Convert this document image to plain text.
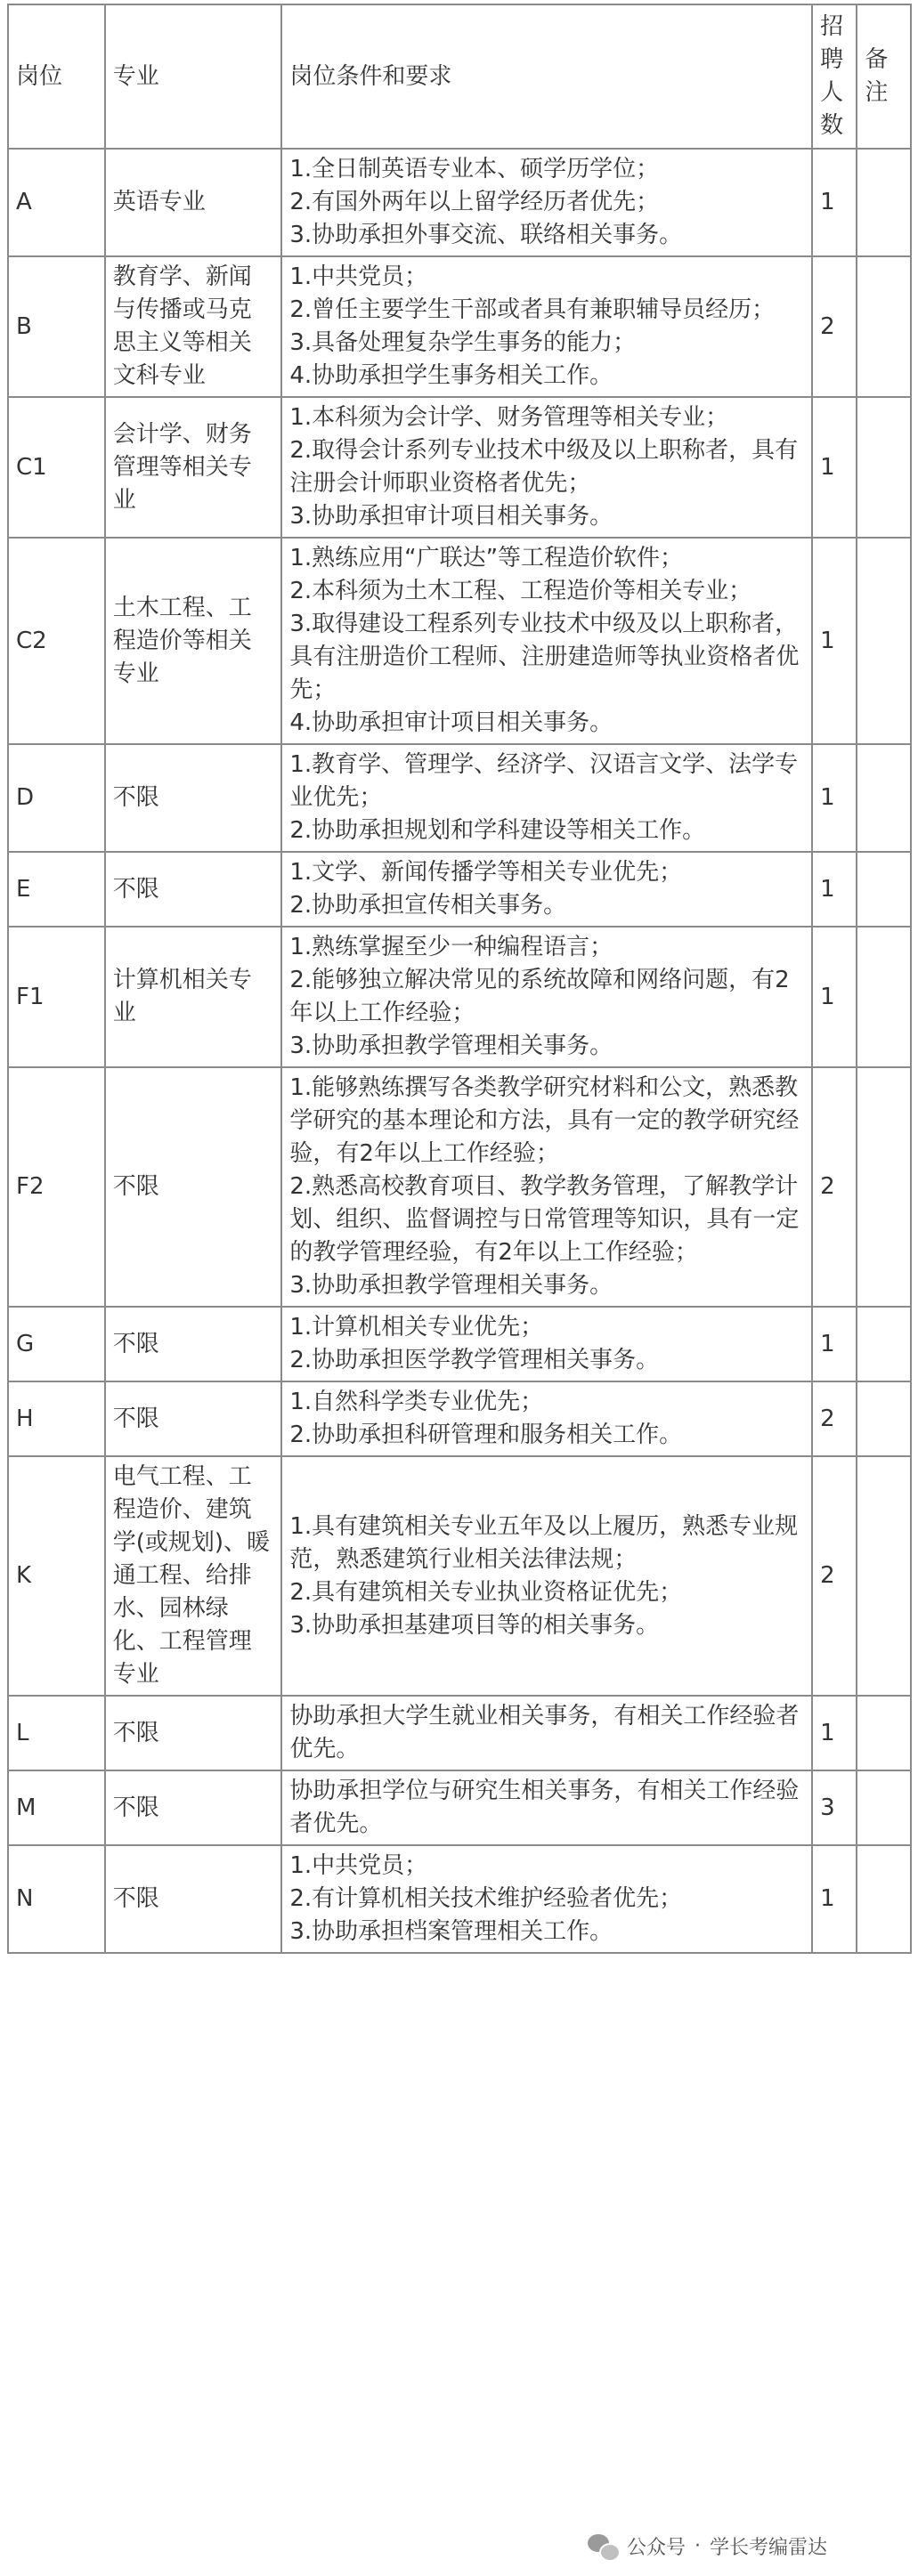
岗位	专业	岗位条件和要求	招聘人数	备注
A	英语专业	1.全日制英语专业本、硕学历学位；

2.有国外两年以上留学经历者优先；

3.协助承担外事交流、联络相关事务。	1	
B	教育学、新闻与传播或马克思主义等相关文科专业	1.中共党员；

2.曾任主要学生干部或者具有兼职辅导员经历；

3.具备处理复杂学生事务的能力；

4.协助承担学生事务相关工作。	2	
C1	会计学、财务管理等相关专业	1.本科须为会计学、财务管理等相关专业；

2.取得会计系列专业技术中级及以上职称者，具有注册会计师职业资格者优先；

3.协助承担审计项目相关事务。	1	
C2	土木工程、工程造价等相关专业	1.熟练应用“广联达”等工程造价软件；

2.本科须为土木工程、工程造价等相关专业；

3.取得建设工程系列专业技术中级及以上职称者，具有注册造价工程师、注册建造师等执业资格者优先；

4.协助承担审计项目相关事务。	1	
D	不限	1.教育学、管理学、经济学、汉语言文学、法学专业优先；

2.协助承担规划和学科建设等相关工作。	1	
E	不限	1.文学、新闻传播学等相关专业优先；

2.协助承担宣传相关事务。	1	
F1	计算机相关专业	1.熟练掌握至少一种编程语言；

2.能够独立解决常见的系统故障和网络问题，有2年以上工作经验；

3.协助承担教学管理相关事务。	1	
F2	不限	1.能够熟练撰写各类教学研究材料和公文，熟悉教学研究的基本理论和方法，具有一定的教学研究经验，有2年以上工作经验；

2.熟悉高校教育项目、教学教务管理，了解教学计划、组织、监督调控与日常管理等知识，具有一定的教学管理经验，有2年以上工作经验；

3.协助承担教学管理相关事务。	2	
G	不限	1.计算机相关专业优先；

2.协助承担医学教学管理相关事务。	1	
H	不限	1.自然科学类专业优先；

2.协助承担科研管理和服务相关工作。	2	
K	电气工程、工程造价、建筑学(或规划)、暖通工程、给排水、园林绿化、工程管理专业	1.具有建筑相关专业五年及以上履历，熟悉专业规范，熟悉建筑行业相关法律法规；

2.具有建筑相关专业执业资格证优先；

3.协助承担基建项目等的相关事务。	2	
L	不限	协助承担大学生就业相关事务，有相关工作经验者优先。	1	
M	不限	协助承担学位与研究生相关事务，有相关工作经验者优先。	3	
N	不限	1.中共党员；

2.有计算机相关技术维护经验者优先；

3.协助承担档案管理相关工作。	1	
公众号 · 学长考编雷达
